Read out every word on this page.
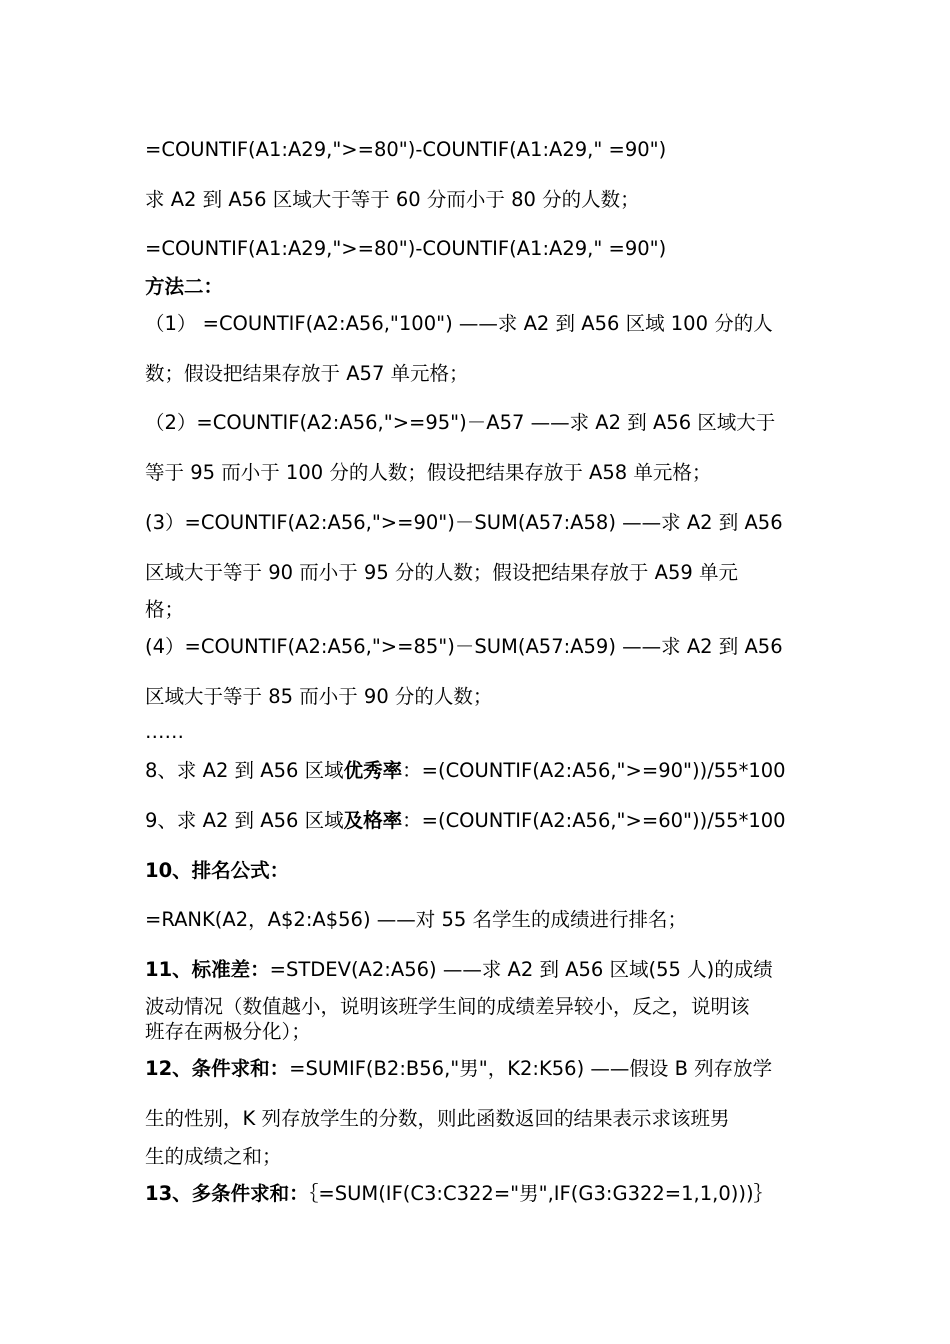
=COUNTIF(A1:A29,">=80")-COUNTIF(A1:A29," =90")
求 A2 到 A56 区域大于等于 60 分而小于 80 分的人数；
=COUNTIF(A1:A29,">=80")-COUNTIF(A1:A29," =90")
方法二：
（1） =COUNTIF(A2:A56,"100") ——求 A2 到 A56 区域 100 分的人
数；假设把结果存放于 A57 单元格；
（2）=COUNTIF(A2:A56,">=95")－A57 ——求 A2 到 A56 区域大于
等于 95 而小于 100 分的人数；假设把结果存放于 A58 单元格；
(3）=COUNTIF(A2:A56,">=90")－SUM(A57:A58) ——求 A2 到 A56
区域大于等于 90 而小于 95 分的人数；假设把结果存放于 A59 单元
格；
(4）=COUNTIF(A2:A56,">=85")－SUM(A57:A59) ——求 A2 到 A56
区域大于等于 85 而小于 90 分的人数；
……
8、求 A2 到 A56 区域优秀率：=(COUNTIF(A2:A56,">=90"))/55*100
9、求 A2 到 A56 区域及格率：=(COUNTIF(A2:A56,">=60"))/55*100
10、排名公式：
=RANK(A2，A$2:A$56) ——对 55 名学生的成绩进行排名；
11、标准差：=STDEV(A2:A56) ——求 A2 到 A56 区域(55 人)的成绩
波动情况（数值越小，说明该班学生间的成绩差异较小，反之，说明该
班存在两极分化）；
12、条件求和：=SUMIF(B2:B56,"男"，K2:K56) ——假设 B 列存放学
生的性别，K 列存放学生的分数，则此函数返回的结果表示求该班男
生的成绩之和；
13、多条件求和：｛=SUM(IF(C3:C322="男",IF(G3:G322=1,1,0)))｝
